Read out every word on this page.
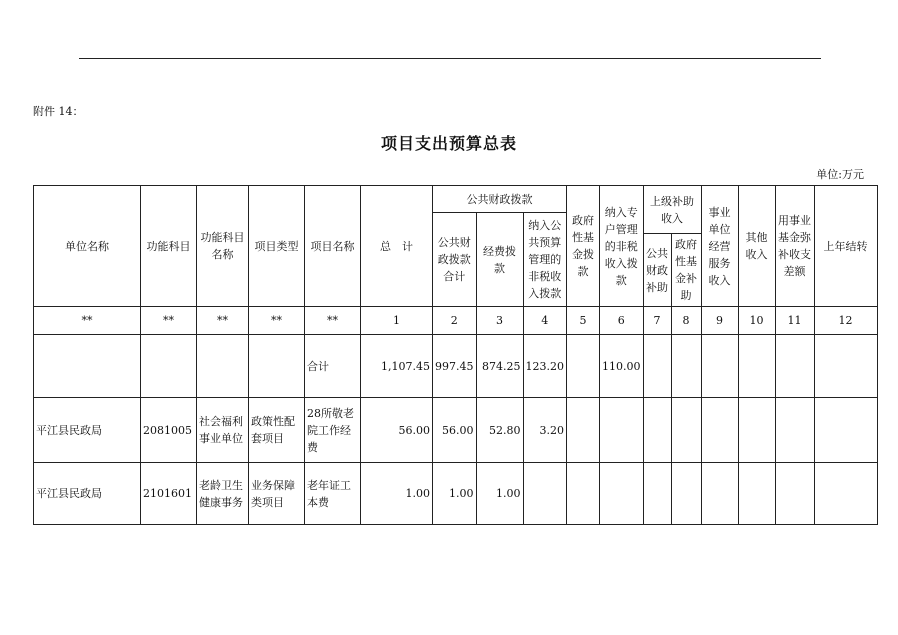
附件 14：
项目支出预算总表
单位:万元
单位名称	功能科目	功能科目名称	项目类型	项目名称	总　计	公共财政拨款			政府性基金拨款	纳入专户管理的非税收入拨款	上级补助收入		事业单位经营服务收入	其他收入	用事业基金弥补收支差额	上年结转
						公共财政拨款合计	经费拨款	纳入公共预算管理的非税收入拨款								
											公共财政补助	政府性基金补助				
**	**	**	**	**	1	2	3	4	5	6	7	8	9	10	11	12
				合计	1,107.45	997.45	874.25	123.20		110.00						
平江县民政局	2081005	社会福利事业单位	政策性配套项目	28所敬老院工作经费	56.00	56.00	52.80	3.20								
平江县民政局	2101601	老龄卫生健康事务	业务保障类项目	老年证工本费	1.00	1.00	1.00									
